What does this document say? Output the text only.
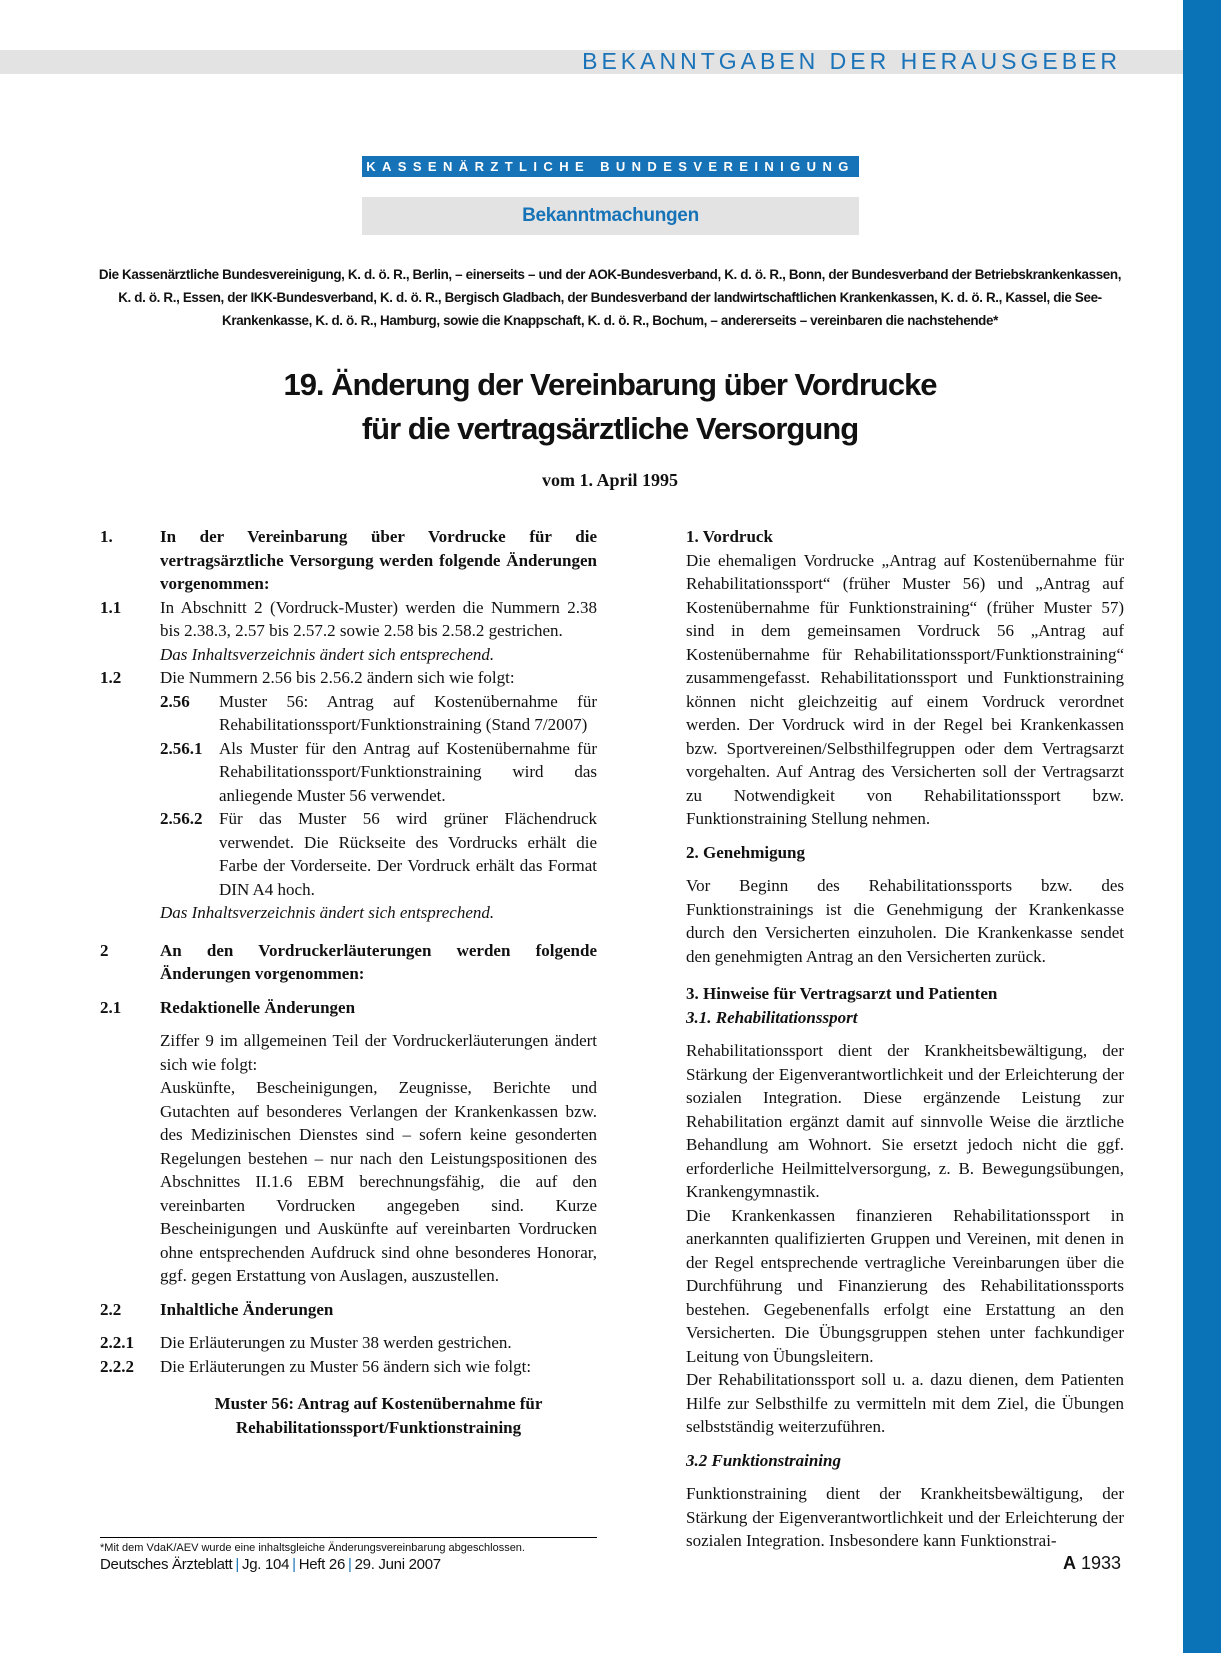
BEKANNTGABEN DER HERAUSGEBER
KASSENÄRZTLICHE BUNDESVEREINIGUNG
Bekanntmachungen
Die Kassenärztliche Bundesvereinigung, K. d. ö. R., Berlin, – einerseits – und der AOK-Bundesverband, K. d. ö. R., Bonn, der Bundesverband der Betriebskrankenkassen, K. d. ö. R., Essen, der IKK-Bundesverband, K. d. ö. R., Bergisch Gladbach, der Bundesverband der landwirtschaftlichen Krankenkassen, K. d. ö. R., Kassel, die See-Krankenkasse, K. d. ö. R., Hamburg, sowie die Knappschaft, K. d. ö. R., Bochum, – andererseits – vereinbaren die nachstehende*
19. Änderung der Vereinbarung über Vordrucke
für die vertragsärztliche Versorgung
vom 1. April 1995
1.	In der Vereinbarung über Vordrucke für die vertragsärztliche Versorgung werden folgende Änderungen vorgenommen:
1.1	In Abschnitt 2 (Vordruck-Muster) werden die Nummern 2.38 bis 2.38.3, 2.57 bis 2.57.2 sowie 2.58 bis 2.58.2 gestrichen.
Das Inhaltsverzeichnis ändert sich entsprechend.
1.2	Die Nummern 2.56 bis 2.56.2 ändern sich wie folgt:
2.56	Muster 56: Antrag auf Kostenübernahme für Rehabilitationssport/Funktionstraining (Stand 7/2007)
2.56.1 Als Muster für den Antrag auf Kostenübernahme für Rehabilitationssport/Funktionstraining wird das anliegende Muster 56 verwendet.
2.56.2 Für das Muster 56 wird grüner Flächendruck verwendet. Die Rückseite des Vordrucks erhält die Farbe der Vorderseite. Der Vordruck erhält das Format DIN A4 hoch.
Das Inhaltsverzeichnis ändert sich entsprechend.
2	An den Vordruckerläuterungen werden folgende Änderungen vorgenommen:
2.1	Redaktionelle Änderungen
Ziffer 9 im allgemeinen Teil der Vordruckerläuterungen ändert sich wie folgt:
Auskünfte, Bescheinigungen, Zeugnisse, Berichte und Gutachten auf besonderes Verlangen der Krankenkassen bzw. des Medizinischen Dienstes sind – sofern keine gesonderten Regelungen bestehen – nur nach den Leistungspositionen des Abschnittes II.1.6 EBM berechnungsfähig, die auf den vereinbarten Vordrucken angegeben sind. Kurze Bescheinigungen und Auskünfte auf vereinbarten Vordrucken ohne entsprechenden Aufdruck sind ohne besonderes Honorar, ggf. gegen Erstattung von Auslagen, auszustellen.
2.2	Inhaltliche Änderungen
2.2.1	Die Erläuterungen zu Muster 38 werden gestrichen.
2.2.2	Die Erläuterungen zu Muster 56 ändern sich wie folgt:
Muster 56: Antrag auf Kostenübernahme für Rehabilitationssport/Funktionstraining
*Mit dem VdaK/AEV wurde eine inhaltsgleiche Änderungsvereinbarung abgeschlossen.
1. Vordruck
Die ehemaligen Vordrucke „Antrag auf Kostenübernahme für Rehabilitationssport“ (früher Muster 56) und „Antrag auf Kostenübernahme für Funktionstraining“ (früher Muster 57) sind in dem gemeinsamen Vordruck 56 „Antrag auf Kostenübernahme für Rehabilitationssport/Funktionstraining“ zusammengefasst. Rehabilitationssport und Funktionstraining können nicht gleichzeitig auf einem Vordruck verordnet werden. Der Vordruck wird in der Regel bei Krankenkassen bzw. Sportvereinen/Selbsthilfegruppen oder dem Vertragsarzt vorgehalten. Auf Antrag des Versicherten soll der Vertragsarzt zu Notwendigkeit von Rehabilitationssport bzw. Funktionstraining Stellung nehmen.
2. Genehmigung
Vor Beginn des Rehabilitationssports bzw. des Funktionstrainings ist die Genehmigung der Krankenkasse durch den Versicherten einzuholen. Die Krankenkasse sendet den genehmigten Antrag an den Versicherten zurück.
3. Hinweise für Vertragsarzt und Patienten
3.1. Rehabilitationssport
Rehabilitationssport dient der Krankheitsbewältigung, der Stärkung der Eigenverantwortlichkeit und der Erleichterung der sozialen Integration. Diese ergänzende Leistung zur Rehabilitation ergänzt damit auf sinnvolle Weise die ärztliche Behandlung am Wohnort. Sie ersetzt jedoch nicht die ggf. erforderliche Heilmittelversorgung, z. B. Bewegungsübungen, Krankengymnastik.
Die Krankenkassen finanzieren Rehabilitationssport in anerkannten qualifizierten Gruppen und Vereinen, mit denen in der Regel entsprechende vertragliche Vereinbarungen über die Durchführung und Finanzierung des Rehabilitationssports bestehen. Gegebenenfalls erfolgt eine Erstattung an den Versicherten. Die Übungsgruppen stehen unter fachkundiger Leitung von Übungsleitern.
Der Rehabilitationssport soll u. a. dazu dienen, dem Patienten Hilfe zur Selbsthilfe zu vermitteln mit dem Ziel, die Übungen selbstständig weiterzuführen.
3.2 Funktionstraining
Funktionstraining dient der Krankheitsbewältigung, der Stärkung der Eigenverantwortlichkeit und der Erleichterung der sozialen Integration. Insbesondere kann Funktionstrai-
Deutsches Ärzteblatt | Jg. 104 | Heft 26 | 29. Juni 2007	A 1933
